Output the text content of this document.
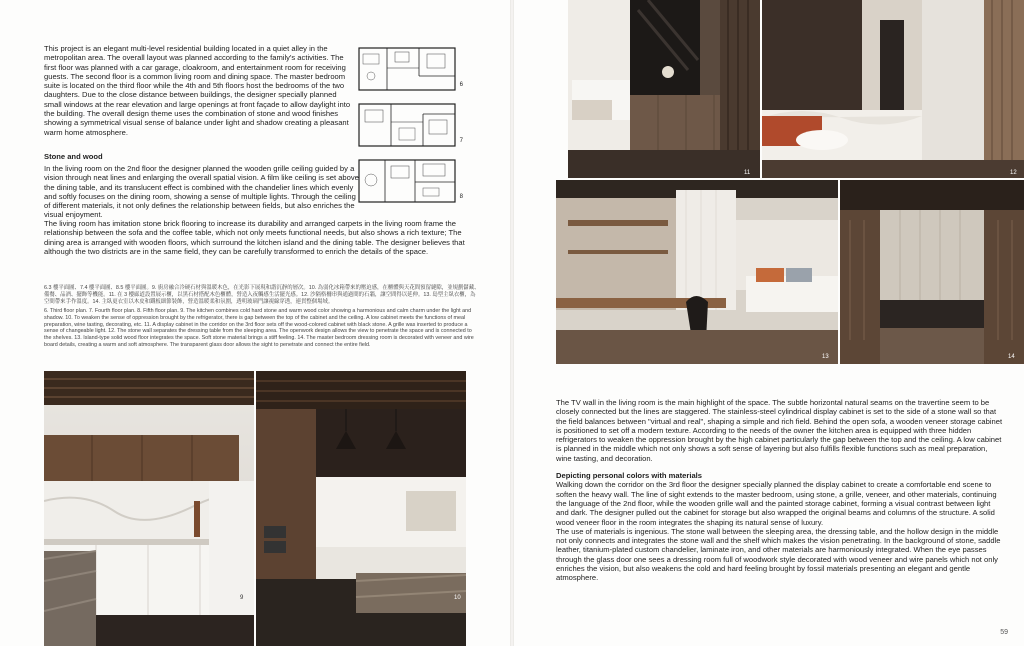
This project is an elegant multi-level residential building located in a quiet alley in the metropolitan area. The overall layout was planned according to the family's activities. The first floor was planned with a car garage, cloakroom, and entertainment room for receiving guests. The second floor is a common living room and dining space. The master bedroom suite is located on the third floor while the 4th and 5th floors host the bedrooms of the two daughters. Due to the close distance between buildings, the designer specially planned small windows at the rear elevation and large openings at front façade to allow daylight into the building. The overall design theme uses the combination of stone and wood finishes showing a symmetrical visual sense of balance under light and shadow creating a pleasant warm home atmosphere.

Stone and wood

In the living room on the 2nd floor the designer planned the wooden grille ceiling guided by a vision through neat lines and enlarging the overall spatial vision. A film like ceiling is set above the dining table, and its translucent effect is combined with the chandelier lines which evenly and softly focuses on the dining room, showing a sense of multiple lights. Through the ceiling of different materials, it not only defines the relationship between fields, but also enriches the visual enjoyment.

The living room has imitation stone brick flooring to increase its durability and arranged carpets in the living room frame the relationship between the sofa and the coffee table, which not only meets functional needs, but also shows a rich texture; The dining area is arranged with wooden floors, which surround the kitchen island and the dining table. The designer believes that although the two districts are in the same field, they can be carefully transformed to enrich the details of the space.

6
7
8

6.3 樓平面圖、7.4 樓平面圖、8.5 樓平面圖。9. 廚房融合冷硬石材與溫暖木色，在光影下展現和諧沉靜的層次。10. 為弱化冰箱帶來的壓迫感，在櫃體與天花間預留縫隙，並規劃儲藏、備餐、品酒、擺飾等機能。11. 在 3 樓廊道設置展示櫃，以黑石材搭配木色櫃體，營造入夜觸感生活擺光感。12. 沙隔格柵串與通過間的石牆，讓空間得以延伸。13. 島型主臥衣櫃，為空間帶來手作溫度。14. 主臥更衣室以木皮和鐵板細節裝飾，營造溫暖柔和氛圍，透明玻璃門讓視線穿透，連貫整個場域。

6. Third floor plan. 7. Fourth floor plan. 8. Fifth floor plan. 9. The kitchen combines cold hard stone and warm wood color showing a harmonious and calm charm under the light and shadow. 10. To weaken the sense of oppression brought by the refrigerator, there is gap between the top of the cabinet and the ceiling. A low cabinet meets the functions of meal preparation, wine tasting, decorating, etc. 11. A display cabinet in the corridor on the 3rd floor sets off the wood-colored cabinet with black stone. A grille was inserted to produce a sense of changeable light. 12. The stone wall separates the dressing table from the sleeping area. The openwork design allows the view to penetrate the space and is connected to the shelves. 13. Island-type solid wood floor integrates the space. Soft stone material brings a stiff feeling. 14. The master bedroom dressing room is decorated with veneer and wire board details, creating a warm and soft atmosphere. The transparent glass door allows the sight to penetrate and connect the entire field.

9	10
11	12
13	14

The TV wall in the living room is the main highlight of the space. The subtle horizontal natural seams on the travertine seem to be closely connected but the lines are staggered. The stainless-steel cylindrical display cabinet is set to the side of a stone wall so that the field balances between "virtual and real", shaping a simple and rich field. Behind the open sofa, a wooden veneer storage cabinet is positioned to set off a modern texture. According to the needs of the owner the kitchen area is equipped with three hidden refrigerators to weaken the oppression brought by the high cabinet particularly the gap between the top and the ceiling. A low cabinet is planned in the middle which not only shows a soft sense of layering but also fulfills flexible functions such as meal preparation, wine tasting, and decoration.

Depicting personal colors with materials

Walking down the corridor on the 3rd floor the designer specially planned the display cabinet to create a comfortable end scene to soften the heavy wall. The line of sight extends to the master bedroom, using stone, a grille, veneer, and other materials, continuing the language of the 2nd floor, while the wooden grille wall and the painted storage cabinet, forming a visual contrast between light and dark. The designer pulled out the cabinet for storage but also wrapped the original beams and columns of the structure. A solid wood veneer floor in the room integrates the shaping its natural sense of luxury.

The use of materials is ingenious. The stone wall between the sleeping area, the dressing table, and the hollow design in the middle not only connects and integrates the stone wall and the shelf which makes the vision penetrating. In the background of stone, saddle leather, titanium-plated custom chandelier, laminate iron, and other materials are harmoniously integrated. When the eye passes through the glass door one sees a dressing room full of woodwork style decorated with wood veneer and wire panels which not only enriches the vision, but also weakens the cold and hard feeling brought by fossil materials presenting an elegant and gentle atmosphere.

59
